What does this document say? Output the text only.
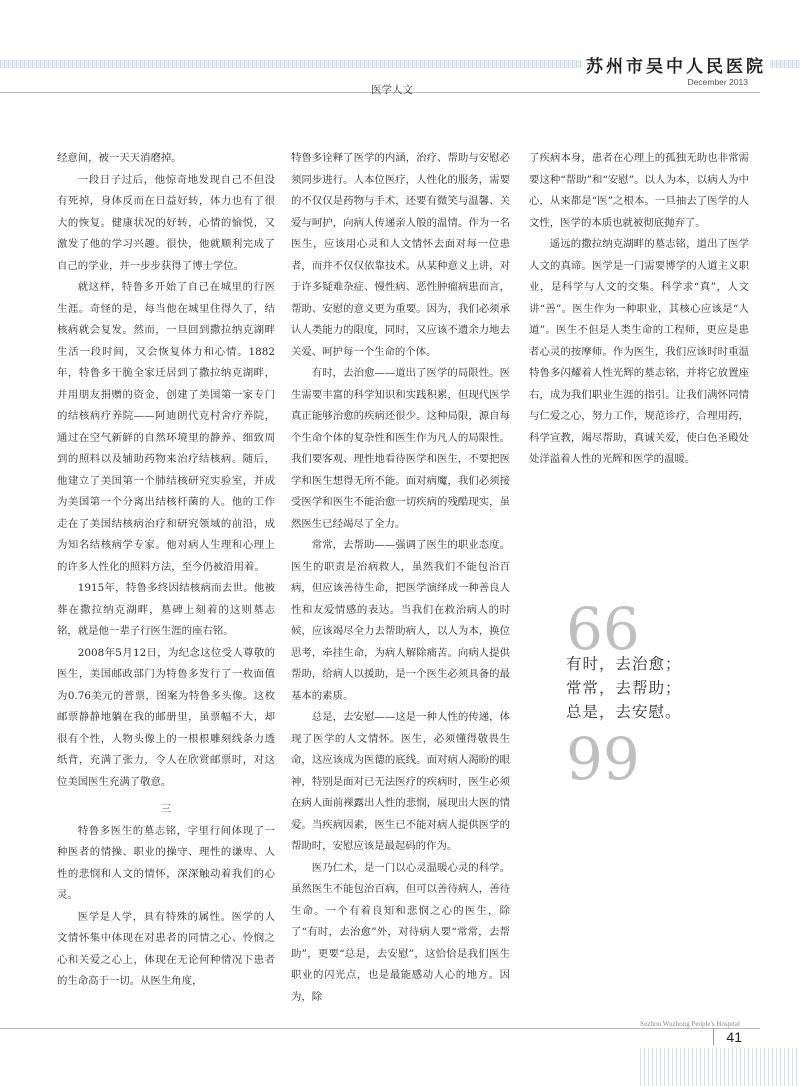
苏州市吴中人民医院
December 2013
医学人文

经意间，被一天天消磨掉。

一段日子过后，他惊奇地发现自己不但没有死掉，身体反而在日益好转，体力也有了很大的恢复。健康状况的好转，心情的愉悦，又激发了他的学习兴趣。很快，他就顺利完成了自己的学业，并一步步获得了博士学位。

就这样，特鲁多开始了自己在城里的行医生涯。奇怪的是，每当他在城里住得久了，结核病就会复发。然而，一旦回到撒拉纳克湖畔生活一段时间，又会恢复体力和心情。1882年，特鲁多干脆全家迁居到了撒拉纳克湖畔，并用朋友捐赠的资金，创建了美国第一家专门的结核病疗养院——阿迪朗代克村舍疗养院，通过在空气新鲜的自然环境里的静养、细致周到的照料以及辅助药物来治疗结核病。随后，他建立了美国第一个肺结核研究实验室，并成为美国第一个分离出结核杆菌的人。他的工作走在了美国结核病治疗和研究领域的前沿，成为知名结核病学专家。他对病人生理和心理上的许多人性化的照料方法，至今仍被沿用着。

1915年，特鲁多终因结核病而去世。他被葬在撒拉纳克湖畔，墓碑上刻着的这则墓志铭，就是他一辈子行医生涯的座右铭。

2008年5月12日，为纪念这位受人尊敬的医生，美国邮政部门为特鲁多发行了一枚面值为0.76美元的普票，图案为特鲁多头像。这枚邮票静静地躺在我的邮册里，虽票幅不大，却很有个性，人物头像上的一根根雕刻线条力透纸背，充满了张力，令人在欣赏邮票时，对这位美国医生充满了敬意。

三

特鲁多医生的墓志铭，字里行间体现了一种医者的情操、职业的操守、理性的谦卑、人性的悲悯和人文的情怀，深深触动着我们的心灵。

医学是人学，具有特殊的属性。医学的人文情怀集中体现在对患者的同情之心、怜悯之心和关爱之心上，体现在无论何种情况下患者的生命高于一切。从医生角度，

特鲁多诠释了医学的内涵，治疗、帮助与安慰必须同步进行。人本位医疗，人性化的服务，需要的不仅仅是药物与手术，还要有微笑与温馨、关爱与呵护，向病人传递亲人般的温情。作为一名医生，应该用心灵和人文情怀去面对每一位患者，而并不仅仅依靠技术。从某种意义上讲，对于许多疑难杂症、慢性病、恶性肿瘤病患而言，帮助、安慰的意义更为重要。因为，我们必须承认人类能力的限度，同时，又应该不遗余力地去关爱、呵护每一个生命的个体。

有时，去治愈——道出了医学的局限性。医生需要丰富的科学知识和实践积累，但现代医学真正能够治愈的疾病还很少。这种局限，源自每个生命个体的复杂性和医生作为凡人的局限性。我们要客观、理性地看待医学和医生，不要把医学和医生想得无所不能。面对病魔，我们必须接受医学和医生不能治愈一切疾病的残酷现实，虽然医生已经竭尽了全力。

常常，去帮助——强调了医生的职业态度。医生的职责是治病救人，虽然我们不能包治百病，但应该善待生命，把医学演绎成一种善良人性和友爱情感的表达。当我们在救治病人的时候，应该竭尽全力去帮助病人，以人为本，换位思考，牵挂生命，为病人解除痛苦。向病人提供帮助，给病人以援助，是一个医生必须具备的最基本的素质。

总是，去安慰——这是一种人性的传递，体现了医学的人文情怀。医生，必须懂得敬畏生命，这应该成为医德的底线。面对病人渴盼的眼神，特别是面对已无法医疗的疾病时，医生必须在病人面前裸露出人性的悲悯，展现出大医的情爱。当疾病因素，医生已不能对病人提供医学的帮助时，安慰应该是最起码的作为。

医乃仁术，是一门以心灵温暖心灵的科学。虽然医生不能包治百病，但可以善待病人，善待生命。一个有着良知和悲悯之心的医生，除了“有时，去治愈”外，对待病人要“常常，去帮助”，更要“总是，去安慰”，这恰恰是我们医生职业的闪光点，也是最能感动人心的地方。因为，除

了疾病本身，患者在心理上的孤独无助也非常需要这种“帮助”和“安慰”。以人为本，以病人为中心，从来都是“医”之根本。一旦抽去了医学的人文性，医学的本质也就被彻底抛弃了。

遥远的撒拉纳克湖畔的墓志铭，道出了医学人文的真谛。医学是一门需要博学的人道主义职业，是科学与人文的交集。科学求“真”，人文讲“善”。医生作为一种职业，其核心应该是“人道”。医生不但是人类生命的工程师，更应是患者心灵的按摩师。作为医生，我们应该时时重温特鲁多闪耀着人性光辉的墓志铭，并将它放置座右，成为我们职业生涯的指引。让我们满怀同情与仁爱之心，努力工作，规范诊疗，合理用药，科学宣教，竭尽帮助，真诚关爱，使白色圣殿处处洋溢着人性的光辉和医学的温暖。

66
有时，去治愈；
常常，去帮助；
总是，去安慰。
99
Suzhou Wuzhong People's Hospital
41
